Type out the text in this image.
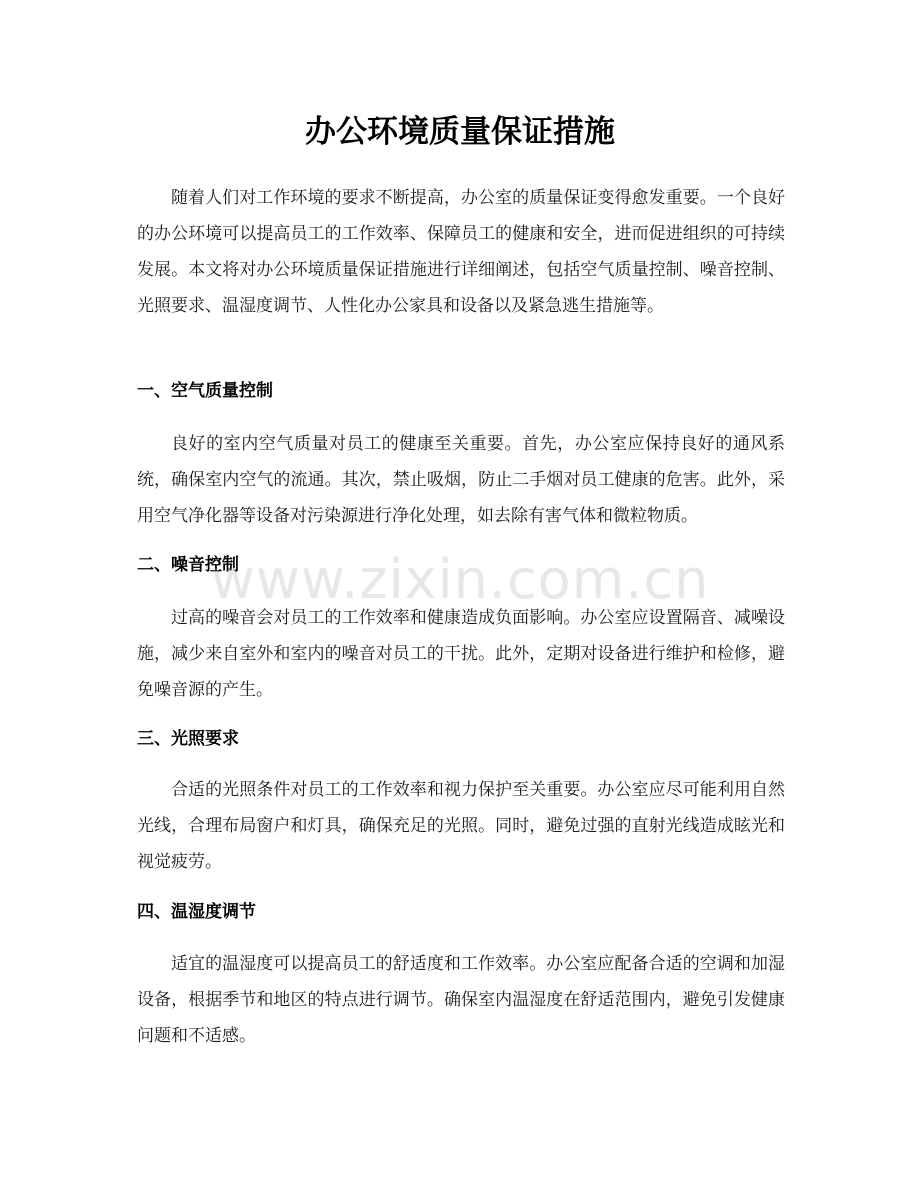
办公环境质量保证措施

随着人们对工作环境的要求不断提高，办公室的质量保证变得愈发重要。一个良好的办公环境可以提高员工的工作效率、保障员工的健康和安全，进而促进组织的可持续发展。本文将对办公环境质量保证措施进行详细阐述，包括空气质量控制、噪音控制、光照要求、温湿度调节、人性化办公家具和设备以及紧急逃生措施等。

一、空气质量控制

良好的室内空气质量对员工的健康至关重要。首先，办公室应保持良好的通风系统，确保室内空气的流通。其次，禁止吸烟，防止二手烟对员工健康的危害。此外，采用空气净化器等设备对污染源进行净化处理，如去除有害气体和微粒物质。

二、噪音控制

过高的噪音会对员工的工作效率和健康造成负面影响。办公室应设置隔音、减噪设施，减少来自室外和室内的噪音对员工的干扰。此外，定期对设备进行维护和检修，避免噪音源的产生。

三、光照要求

合适的光照条件对员工的工作效率和视力保护至关重要。办公室应尽可能利用自然光线，合理布局窗户和灯具，确保充足的光照。同时，避免过强的直射光线造成眩光和视觉疲劳。

四、温湿度调节

适宜的温湿度可以提高员工的舒适度和工作效率。办公室应配备合适的空调和加湿设备，根据季节和地区的特点进行调节。确保室内温湿度在舒适范围内，避免引发健康问题和不适感。

www.zixin.com.cn
